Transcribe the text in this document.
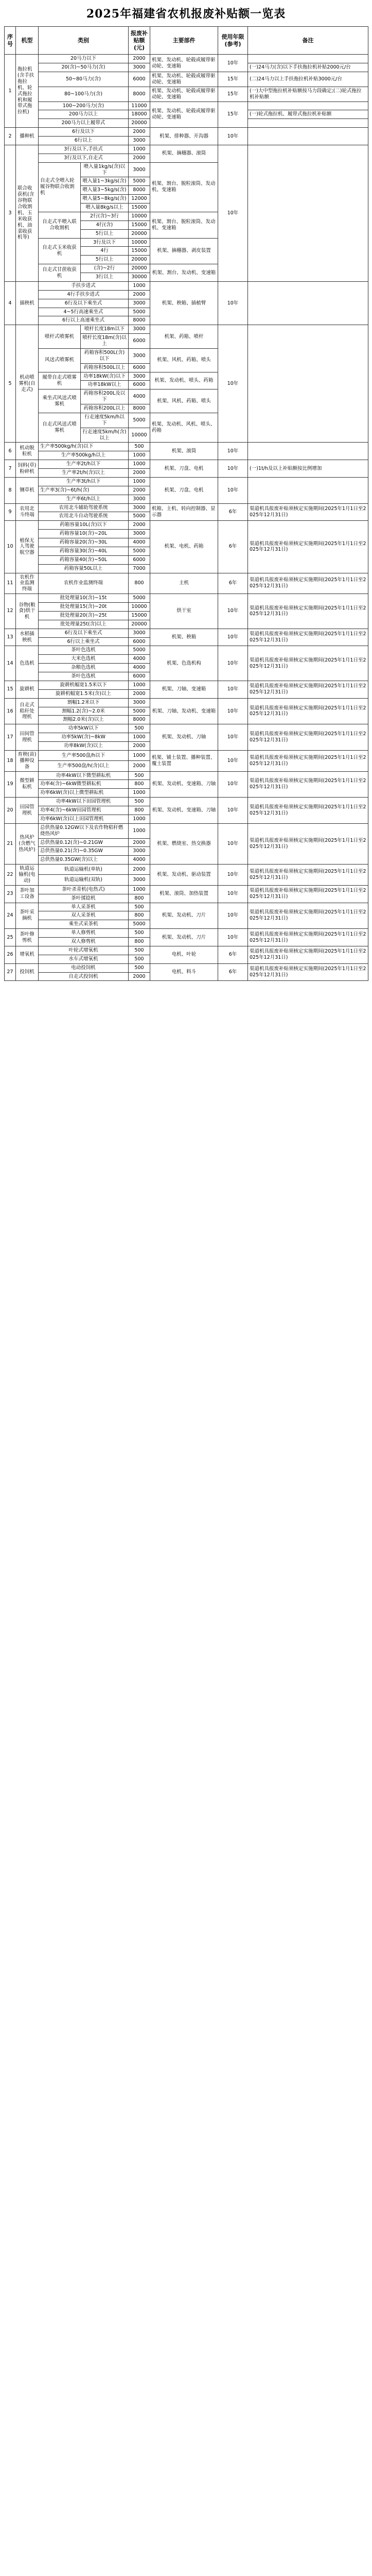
2025年福建省农机报废补贴额一览表
序号	机型	类别		报废补贴额(元)	主要部件	使用年限(参考)	备注
1	拖拉机(含手扶拖拉机、轮式拖拉机和履带式拖拉机)	20马力以下		2000	机架、发动机、轮毂或履带驱动轮、变速箱	10年	
		20(含)~50马力(含)		3000			(一)24马力(含)以下手扶拖拉机补贴2000元/台
		50~80马力(含)		6000	机架、发动机、轮毂或履带驱动轮、变速箱	15年	(二)24马力以上手扶拖拉机补贴3000元/台
		80~100马力(含)		8000	机架、发动机、轮毂或履带驱动轮、变速箱	15年	(一)大中型拖拉机补贴额按马力段确定;(二)轮式拖拉机补贴额
		100~200马力(含)		11000	机架、发动机、轮毂或履带驱动轮、变速箱	15年	
		200马力以上		18000			(一)轮式拖拉机、履带式拖拉机补贴额
		200马力以上履带式		20000			
2	播种机	6行及以下		2000	机架、排种器、开沟器	10年	
		6行以上		3000			
3	联合收获机(含谷物联合收割机、玉米收获机、油菜收获机等)	3行及以下,手扶式		1000	机架、摘穗器、滚筒	10年	
		3行及以下,自走式		2000			
		自走式全喂入轮履谷物联合收割机	喂入量1kg/s(含)以下	3000	机架、割台、脱粒滚筒、发动机、变速箱		
			喂入量1~3kg/s(含)	5000			
			喂入量3~5kg/s(含)	8000			
			喂入量5~8kg/s(含)	12000			
			喂入量8kg/s以上	15000			
		自走式半喂入联合收割机	2行(含)~3行	10000	机架、割台、脱粒滚筒、发动机、变速箱		
			4行(含)	15000			
			5行以上	20000			
		自走式玉米收获机	3行及以下	10000	机架、摘穗器、剥皮装置		
			4行	15000			
			5行以上	20000			
		自走式甘蔗收获机	(含)~2行	20000	机架、割台、发动机、变速箱		
			3行以上	30000			
4	插秧机	手扶步进式		1000	机架、秧箱、插植臂	10年	
		4行手扶步进式		2000			
		6行及以下乘坐式		3000			
		4~5行高速乘坐式		5000			
		6行以上高速乘坐式		8000			
5	机动喷雾机(自走式)	喷杆式喷雾机	喷杆长度18m以下	3000	机架、药箱、喷杆	10年	
			喷杆长度18m(含)以上	6000			
		风送式喷雾机	药箱容积500L(含)以下	3000	机架、风机、药箱、喷头		
			药箱容积500L以上	6000			
		履带自走式喷雾机	功率18kW(含)以下	3000	机架、发动机、喷头、药箱		
			功率18kW以上	6000			
		乘坐式风送式喷雾机	药箱容积200L及以下	4000	机架、风机、药箱、喷头		
			药箱容积200L以上	8000			
		自走式风送式喷雾机	行走速度5km/h以下	5000	机架、发动机、风机、喷头、药箱		
			行走速度5km/h(含)以上	10000			
6	机动脱粒机	生产率500kg/h(含)以下		500	机架、滚筒	10年	
		生产率500kg/h以上		1000			
7	饲料(草)粉碎机	生产率2t/h以下		1000	机架、刀盘、电机	10年	(一)1t/h及以上补贴额按比例增加
		生产率2t/h(含)以上		2000			
8	铡草机	生产率3t/h以下		1000	机架、刀盘、电机	10年	
		生产率3(含)~6t/h(含)		2000			
		生产率6t/h以上		3000			
9	农用北斗终端	农用北斗辅助驾驶系统		3000	机箱、主机、转向控制器、显示器	6年	渠道机具报废补贴须核定实施期间(2025年1月1日至2025年12月31日)
		农用北斗自动驾驶系统		5000			
10	植保无人驾驶航空器	药箱容量10L(含)以下		2000	机架、电机、药箱	6年	渠道机具报废补贴须核定实施期间(2025年1月1日至2025年12月31日)
		药箱容量10(含)~20L		3000			
		药箱容量20(含)~30L		4000			
		药箱容量30(含)~40L		5000			
		药箱容量40(含)~50L		6000			
		药箱容量50L以上		7000			
11	农机作业监测终端	农机作业监测终端		800	主机	6年	渠道机具报废补贴须核定实施期间(2025年1月1日至2025年12月31日)

12	谷物(粮食)烘干机	批处理量10(含)~15t		5000	烘干室	10年	渠道机具报废补贴须核定实施期间(2025年1月1日至2025年12月31日)
		批处理量15(含)~20t		10000			
		批处理量20(含)~25t		15000			
		批处理量25t(含)以上		20000			
13	水稻插秧机	6行及以下乘坐式		3000	机架、秧箱	10年	渠道机具报废补贴须核定实施期间(2025年1月1日至2025年12月31日)
		6行以上乘坐式		6000			
14	色选机	茶叶色选机		5000	机架、色选机构	10年	渠道机具报废补贴须核定实施期间(2025年1月1日至2025年12月31日)
		大米色选机		4000			
		杂粮色选机		4000			
		茶叶色选机		6000			
15	旋耕机	旋耕机幅宽1.5米以下		1000	机架、刀轴、变速箱	10年	渠道机具报废补贴须核定实施期间(2025年1月1日至2025年12月31日)
		旋耕机幅宽1.5米(含)以上		2000			
16	自走式秸秆处理机	割幅1.2米以下		3000	机架、刀轴、发动机、变速箱	10年	渠道机具报废补贴须核定实施期间(2025年1月1日至2025年12月31日)
		割幅1.2(含)~2.0米		5000			
		割幅2.0米(含)以上		8000			
17	田间管理机	功率5kW以下		500	机架、发动机、刀轴	10年	渠道机具报废补贴须核定实施期间(2025年1月1日至2025年12月31日)
		功率5kW(含)~8kW		1000			
		功率8kW(含)以上		2000			
18	育秧(苗)播种设备	生产率500盘/h以下		1000	机架、铺土装置、播种装置、覆土装置	10年	渠道机具报废补贴须核定实施期间(2025年1月1日至2025年12月31日)
		生产率500盘/h(含)以上		2000			
19	微型耕耘机	功率4kW以下微型耕耘机		500	机架、发动机、变速箱、刀轴	10年	渠道机具报废补贴须核定实施期间(2025年1月1日至2025年12月31日)
		功率4(含)~6kW微型耕耘机		800			
		功率6kW(含)以上微型耕耘机		1000			
20	田园管理机	功率4kW以下田园管理机		500	机架、发动机、变速箱、刀轴	10年	渠道机具报废补贴须核定实施期间(2025年1月1日至2025年12月31日)
		功率4(含)~6kW田园管理机		800			
		功率6kW(含)以上田园管理机		1000			
21	热风炉(含燃气热风炉)	总供热量0.12GW以下及农作物秸秆燃烧热风炉		1000	机架、燃烧室、热交换器	10年	渠道机具报废补贴须核定实施期间(2025年1月1日至2025年12月31日)
		总供热量0.12(含)~0.21GW		2000			
		总供热量0.21(含)~0.35GW		3000			
		总供热量0.35GW(含)以上		4000			
22	轨道运输机(电动)	轨道运输机(单轨)		2000	机架、发动机、驱动装置	10年	渠道机具报废补贴须核定实施期间(2025年1月1日至2025年12月31日)
		轨道运输机(双轨)		3000			
23	茶叶加工设备	茶叶杀青机(电热式)		1000	机架、滚筒、加热装置	10年	渠道机具报废补贴须核定实施期间(2025年1月1日至2025年12月31日)
		茶叶揉捻机		800			
24	茶叶采摘机	单人采茶机		500	机架、发动机、刀片	10年	渠道机具报废补贴须核定实施期间(2025年1月1日至2025年12月31日)
		双人采茶机		800			
		乘坐式采茶机		5000			
25	茶叶修剪机	单人修剪机		500	机架、发动机、刀片	10年	渠道机具报废补贴须核定实施期间(2025年1月1日至2025年12月31日)
		双人修剪机		800			
26	增氧机	叶轮式增氧机		500	电机、叶轮	6年	渠道机具报废补贴须核定实施期间(2025年1月1日至2025年12月31日)
		水车式增氧机		500			
27	投饲机	电动投饲机		500	电机、料斗	6年	渠道机具报废补贴须核定实施期间(2025年1月1日至2025年12月31日)
		自走式投饲机		2000			
